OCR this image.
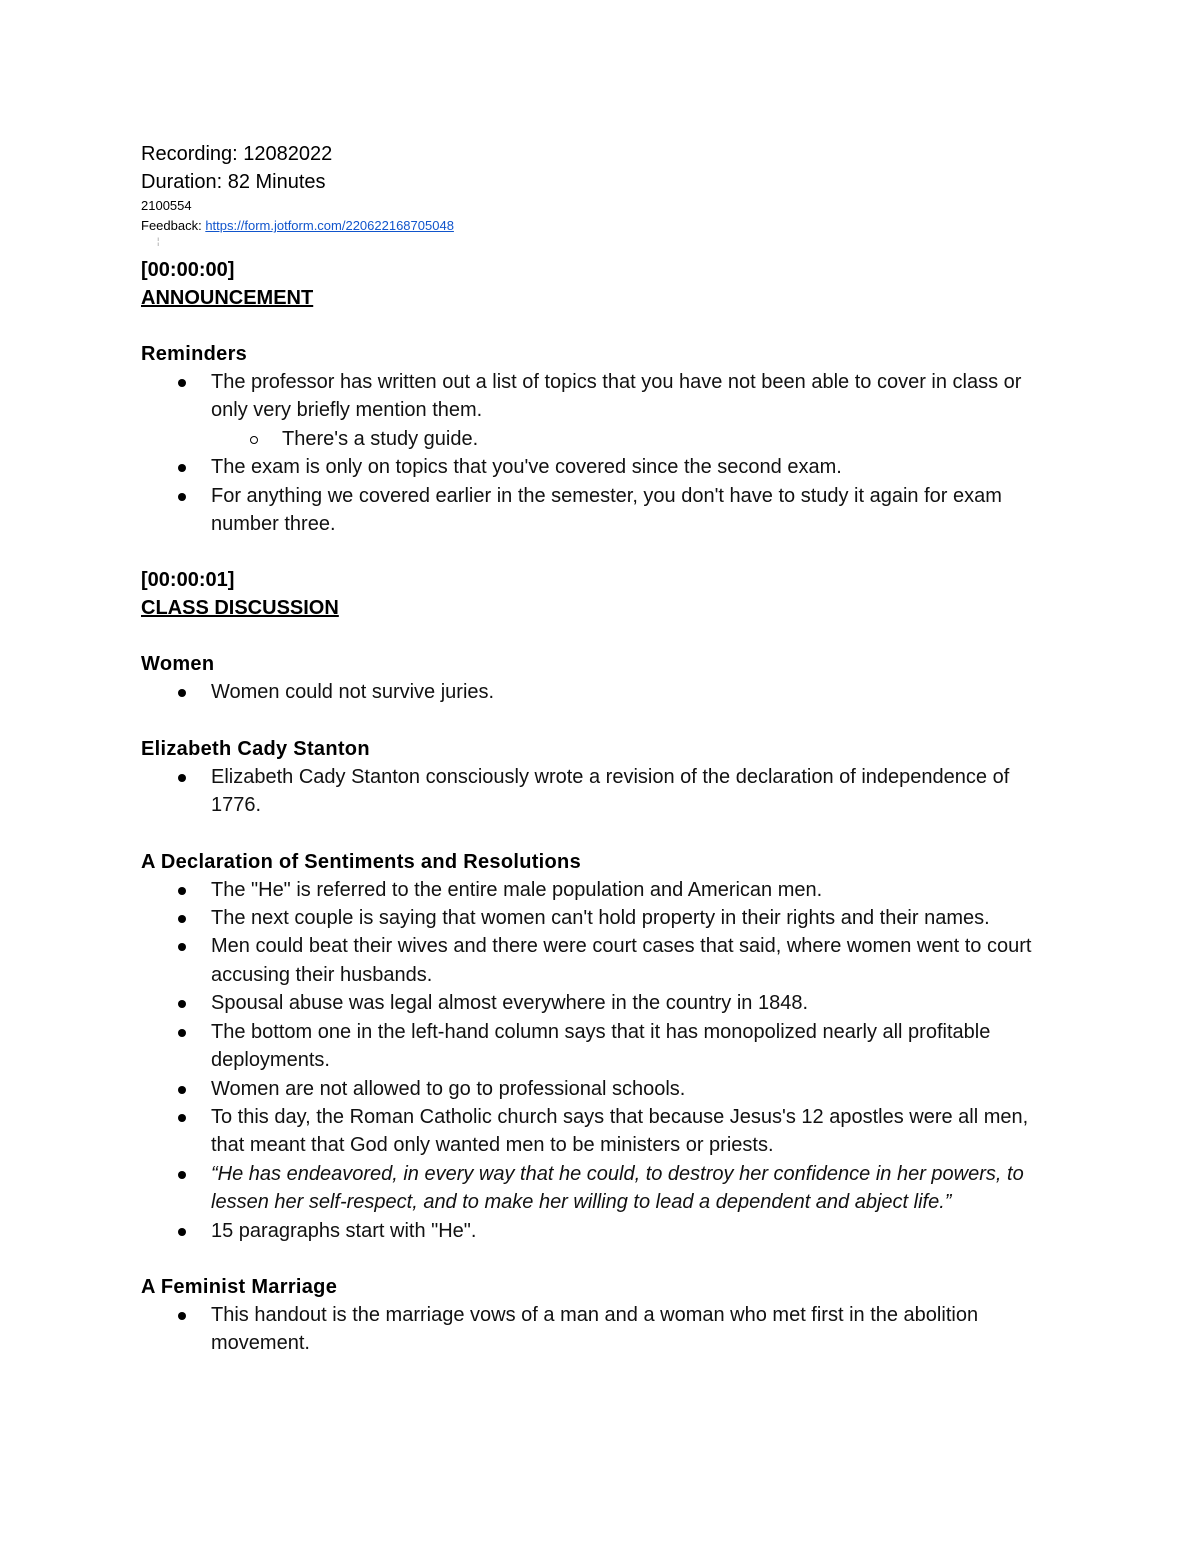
Recording: 12082022
Duration: 82 Minutes
2100554
Feedback: https://form.jotform.com/220622168705048
¦
[00:00:00]
ANNOUNCEMENT
Reminders
The professor has written out a list of topics that you have not been able to cover in class or only very briefly mention them.
There's a study guide.
The exam is only on topics that you've covered since the second exam.
For anything we covered earlier in the semester, you don't have to study it again for exam number three.
[00:00:01]
CLASS DISCUSSION
Women
Women could not survive juries.
Elizabeth Cady Stanton
Elizabeth Cady Stanton consciously wrote a revision of the declaration of independence of 1776.
A Declaration of Sentiments and Resolutions
The "He" is referred to the entire male population and American men.
The next couple is saying that women can't hold property in their rights and their names.
Men could beat their wives and there were court cases that said, where women went to court accusing their husbands.
Spousal abuse was legal almost everywhere in the country in 1848.
The bottom one in the left-hand column says that it has monopolized nearly all profitable deployments.
Women are not allowed to go to professional schools.
To this day, the Roman Catholic church says that because Jesus's 12 apostles were all men, that meant that God only wanted men to be ministers or priests.
“He has endeavored, in every way that he could, to destroy her confidence in her powers, to lessen her self-respect, and to make her willing to lead a dependent and abject life.”
15 paragraphs start with "He".
A Feminist Marriage
This handout is the marriage vows of a man and a woman who met first in the abolition movement.
